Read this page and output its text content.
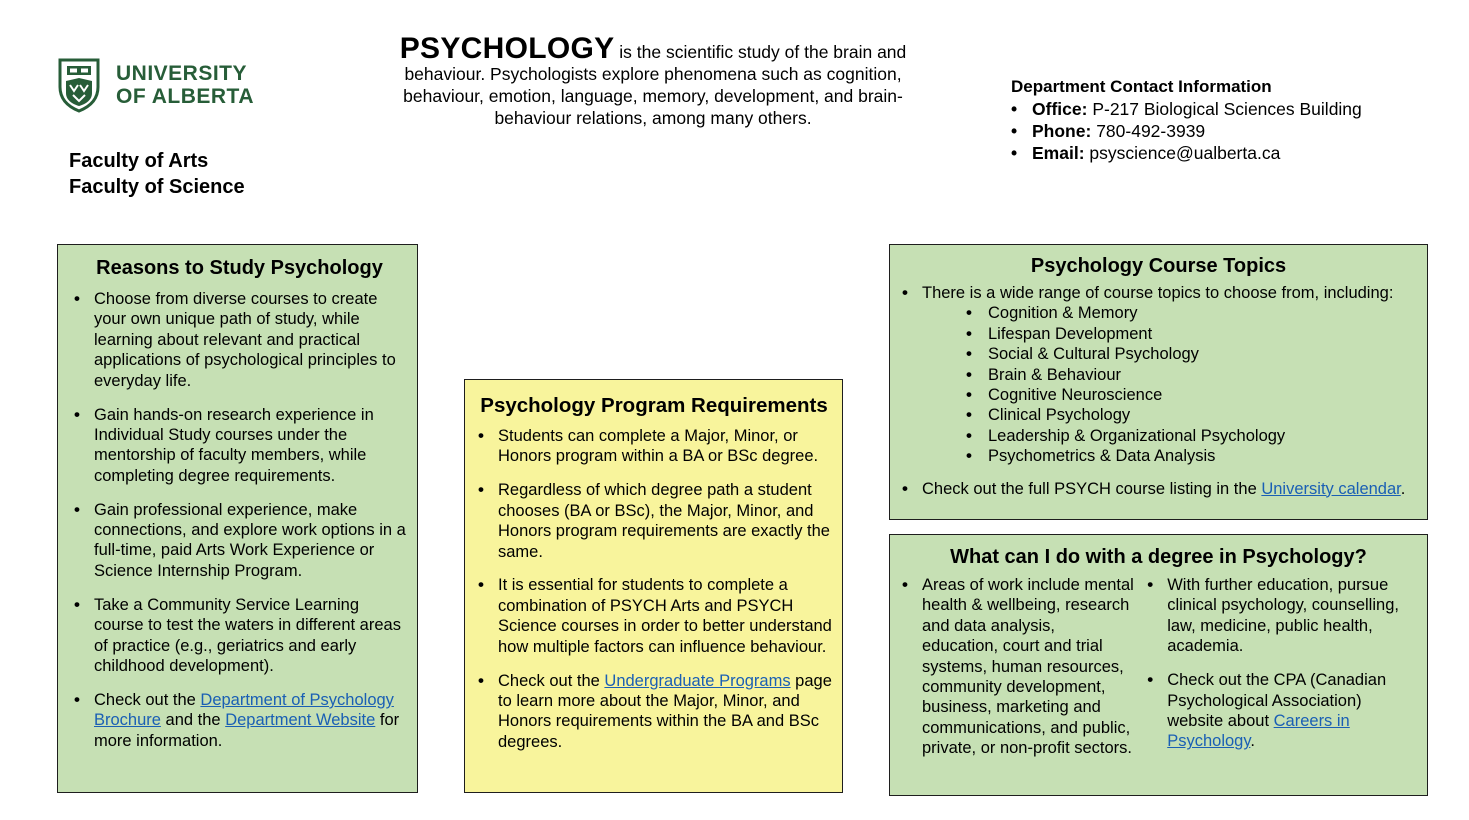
UNIVERSITY
OF ALBERTA
Faculty of Arts
Faculty of Science
PSYCHOLOGY is the scientific study of the brain and behaviour. Psychologists explore phenomena such as cognition, behaviour, emotion, language, memory, development, and brain-behaviour relations, among many others.
Department Contact Information
• Office: P-217 Biological Sciences Building
• Phone: 780-492-3939
• Email: psyscience@ualberta.ca
Reasons to Study Psychology
• Choose from diverse courses to create your own unique path of study, while learning about relevant and practical applications of psychological principles to everyday life.
• Gain hands-on research experience in Individual Study courses under the mentorship of faculty members, while completing degree requirements.
• Gain professional experience, make connections, and explore work options in a full-time, paid Arts Work Experience or Science Internship Program.
• Take a Community Service Learning course to test the waters in different areas of practice (e.g., geriatrics and early childhood development).
• Check out the Department of Psychology Brochure and the Department Website for more information.
Psychology Program Requirements
• Students can complete a Major, Minor, or Honors program within a BA or BSc degree.
• Regardless of which degree path a student chooses (BA or BSc), the Major, Minor, and Honors program requirements are exactly the same.
• It is essential for students to complete a combination of PSYCH Arts and PSYCH Science courses in order to better understand how multiple factors can influence behaviour.
• Check out the Undergraduate Programs page to learn more about the Major, Minor, and Honors requirements within the BA and BSc degrees.
Psychology Course Topics
• There is a wide range of course topics to choose from, including:
• Cognition & Memory
• Lifespan Development
• Social & Cultural Psychology
• Brain & Behaviour
• Cognitive Neuroscience
• Clinical Psychology
• Leadership & Organizational Psychology
• Psychometrics & Data Analysis
• Check out the full PSYCH course listing in the University calendar.
What can I do with a degree in Psychology?
• Areas of work include mental health & wellbeing, research and data analysis, education, court and trial systems, human resources, community development, business, marketing and communications, and public, private, or non-profit sectors.
• With further education, pursue clinical psychology, counselling, law, medicine, public health, academia.
• Check out the CPA (Canadian Psychological Association) website about Careers in Psychology.
